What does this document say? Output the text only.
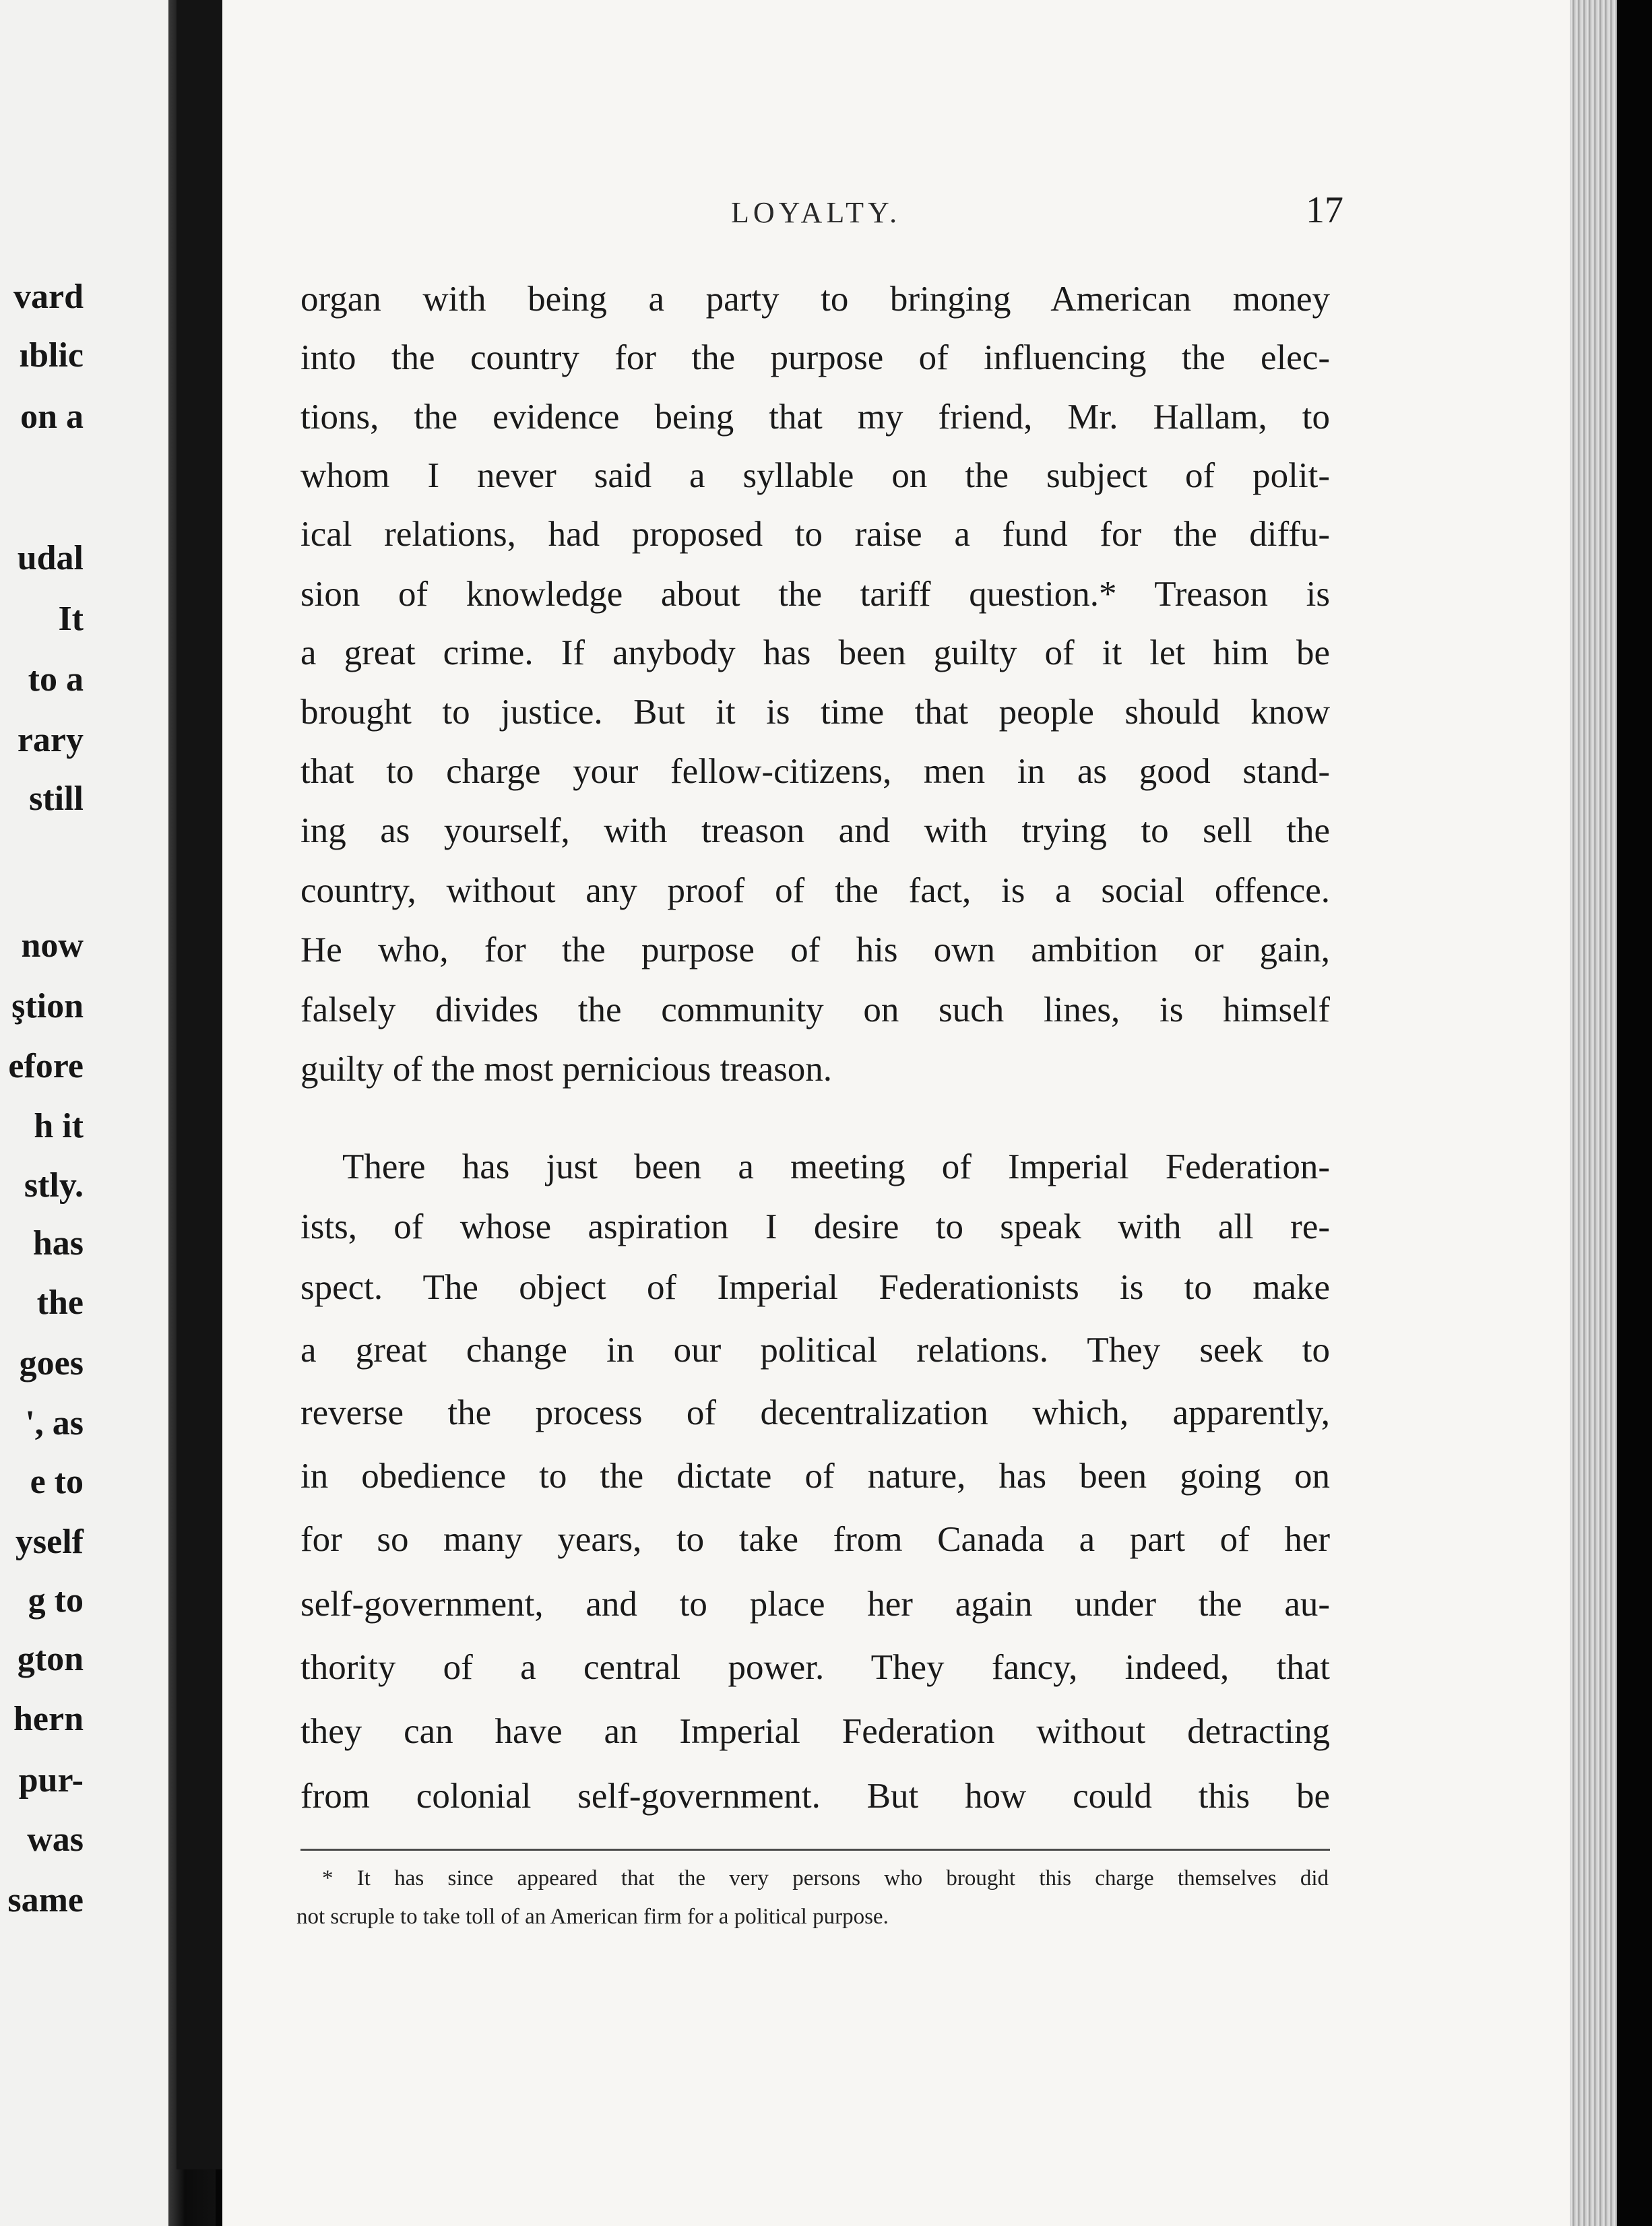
vard
ıblic
on a
udal
It
to a
rary
still
now
ştion
efore
h it
stly.
has
the
goes
', as
e to
yself
g to
gton
hern
pur-
was
same
LOYALTY.	17
organ with being a party to bringing American money
into the country for the purpose of influencing the elec-
tions, the evidence being that my friend, Mr. Hallam, to
whom I never said a syllable on the subject of polit-
ical relations, had proposed to raise a fund for the diffu-
sion of knowledge about the tariff question.* Treason is
a great crime. If anybody has been guilty of it let him be
brought to justice. But it is time that people should know
that to charge your fellow-citizens, men in as good stand-
ing as yourself, with treason and with trying to sell the
country, without any proof of the fact, is a social offence.
He who, for the purpose of his own ambition or gain,
falsely divides the community on such lines, is himself
guilty of the most pernicious treason.
There has just been a meeting of Imperial Federation-
ists, of whose aspiration I desire to speak with all re-
spect. The object of Imperial Federationists is to make
a great change in our political relations. They seek to
reverse the process of decentralization which, apparently,
in obedience to the dictate of nature, has been going on
for so many years, to take from Canada a part of her
self-government, and to place her again under the au-
thority of a central power. They fancy, indeed, that
they can have an Imperial Federation without detracting
from colonial self-government. But how could this be
* It has since appeared that the very persons who brought this charge themselves did
not scruple to take toll of an American firm for a political purpose.
